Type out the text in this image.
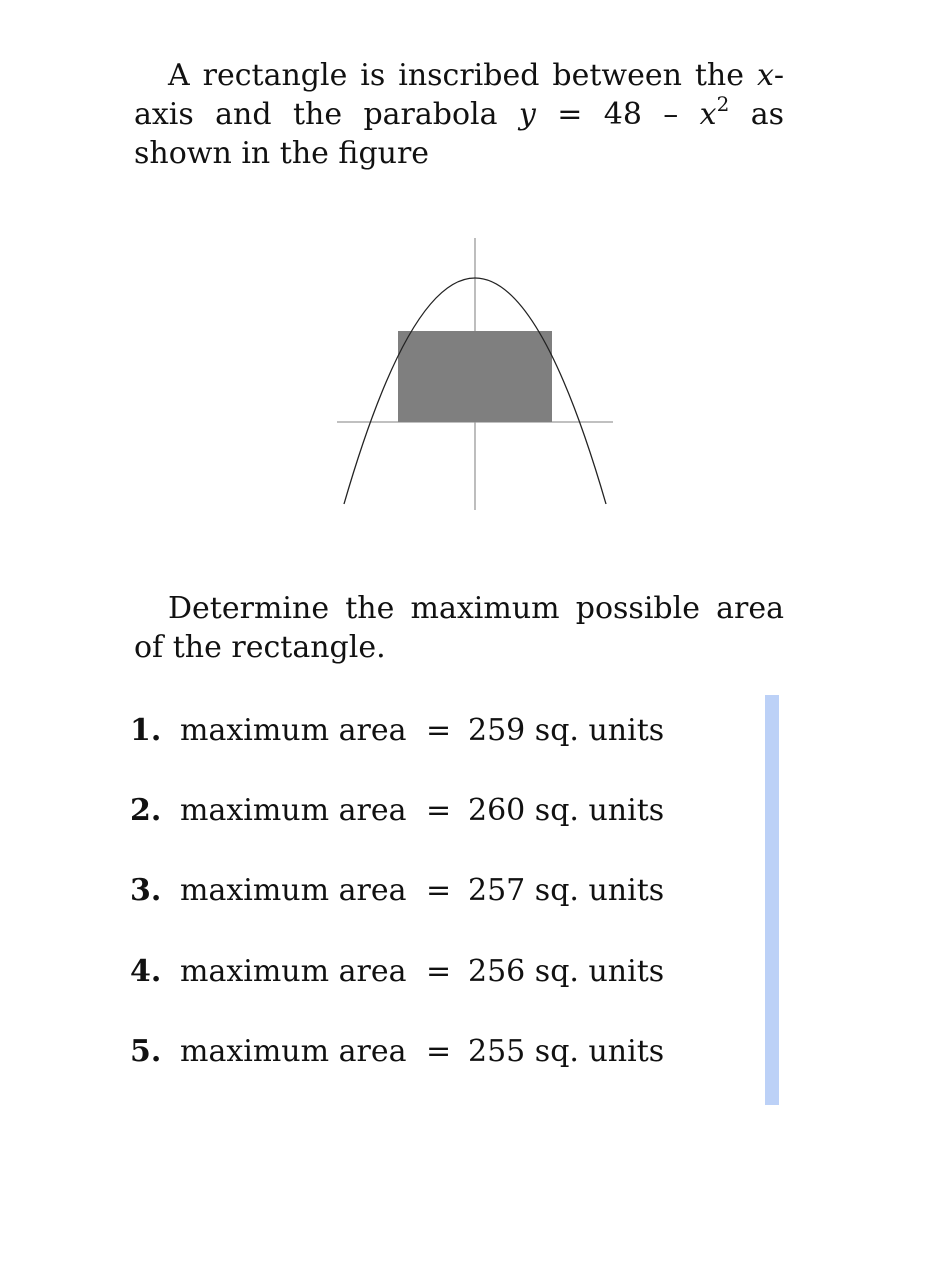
A rectangle is inscribed between the x-axis and the parabola $y = 48 - x^2$ as shown in the figure
Determine the maximum possible area of the rectangle.
1. maximum area = 259 sq. units
2. maximum area = 260 sq. units
3. maximum area = 257 sq. units
4. maximum area = 256 sq. units
5. maximum area = 255 sq. units
